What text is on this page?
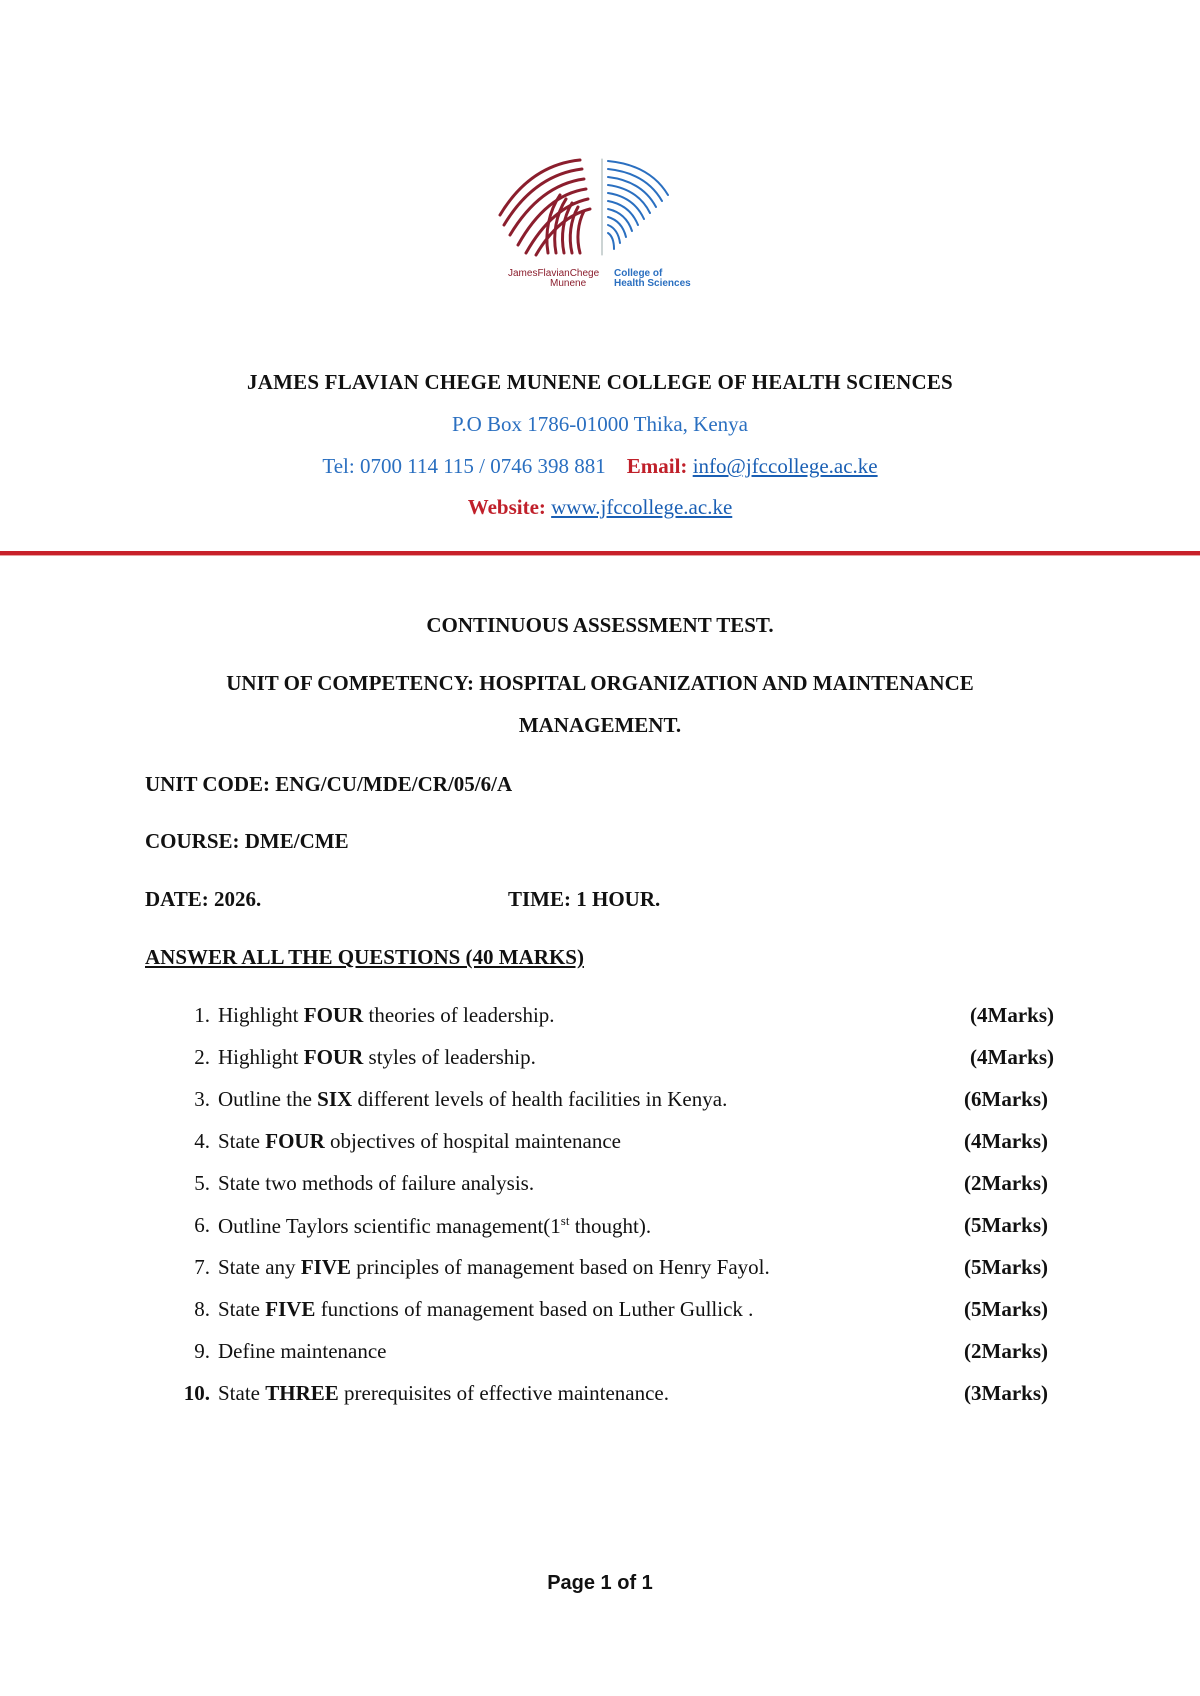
JamesFlavianChege
Munene
College of
Health Sciences
JAMES FLAVIAN CHEGE MUNENE COLLEGE OF HEALTH SCIENCES
P.O Box 1786-01000 Thika, Kenya
Tel: 0700 114 115 / 0746 398 881 Email: info@jfccollege.ac.ke
Website: www.jfccollege.ac.ke
CONTINUOUS ASSESSMENT TEST.
UNIT OF COMPETENCY: HOSPITAL ORGANIZATION AND MAINTENANCE
MANAGEMENT.
UNIT CODE: ENG/CU/MDE/CR/05/6/A
COURSE: DME/CME
DATE: 2026.	TIME: 1 HOUR.
ANSWER ALL THE QUESTIONS (40 MARKS)
1. Highlight FOUR theories of leadership.	(4Marks)
2. Highlight FOUR styles of leadership.	(4Marks)
3. Outline the SIX different levels of health facilities in Kenya.	(6Marks)
4. State FOUR objectives of hospital maintenance	(4Marks)
5. State two methods of failure analysis.	(2Marks)
6. Outline Taylors scientific management(1st thought).	(5Marks)
7. State any FIVE principles of management based on Henry Fayol.	(5Marks)
8. State FIVE functions of management based on Luther Gullick .	(5Marks)
9. Define maintenance	(2Marks)
10. State THREE prerequisites of effective maintenance.	(3Marks)
Page 1 of 1
